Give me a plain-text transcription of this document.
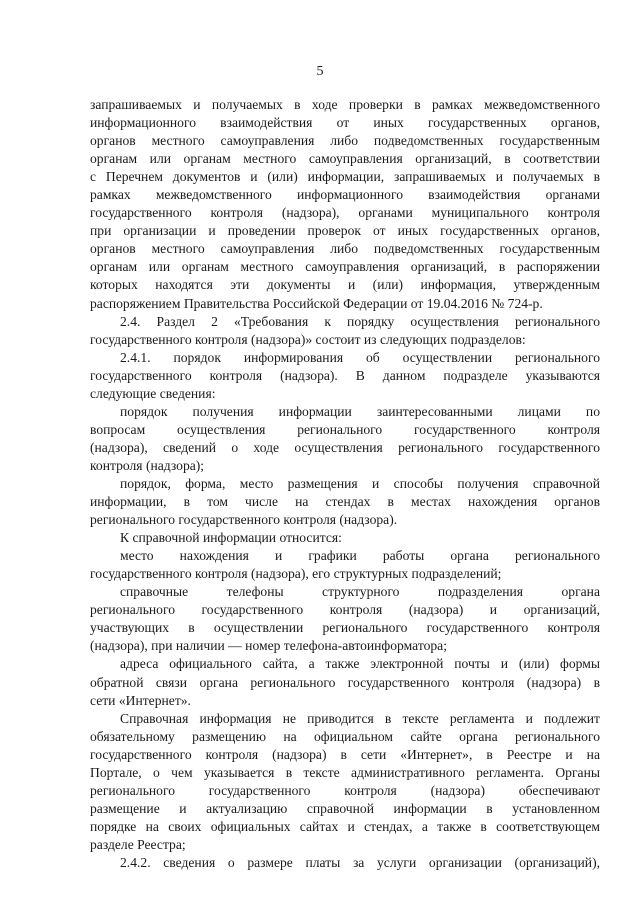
5
запрашиваемых и получаемых в ходе проверки в рамках межведомственного
информационного взаимодействия от иных государственных органов,
органов местного самоуправления либо подведомственных государственным
органам или органам местного самоуправления организаций, в соответствии
с Перечнем документов и (или) информации, запрашиваемых и получаемых в
рамках межведомственного информационного взаимодействия органами
государственного контроля (надзора), органами муниципального контроля
при организации и проведении проверок от иных государственных органов,
органов местного самоуправления либо подведомственных государственным
органам или органам местного самоуправления организаций, в распоряжении
которых находятся эти документы и (или) информация, утвержденным
распоряжением Правительства Российской Федерации от 19.04.2016 № 724-р.
2.4. Раздел 2 «Требования к порядку осуществления регионального
государственного контроля (надзора)» состоит из следующих подразделов:
2.4.1. порядок информирования об осуществлении регионального
государственного контроля (надзора). В данном подразделе указываются
следующие сведения:
порядок получения информации заинтересованными лицами по
вопросам осуществления регионального государственного контроля
(надзора), сведений о ходе осуществления регионального государственного
контроля (надзора);
порядок, форма, место размещения и способы получения справочной
информации, в том числе на стендах в местах нахождения органов
регионального государственного контроля (надзора).
К справочной информации относится:
место нахождения и графики работы органа регионального
государственного контроля (надзора), его структурных подразделений;
справочные телефоны структурного подразделения органа
регионального государственного контроля (надзора) и организаций,
участвующих в осуществлении регионального государственного контроля
(надзора), при наличии — номер телефона-автоинформатора;
адреса официального сайта, а также электронной почты и (или) формы
обратной связи органа регионального государственного контроля (надзора) в
сети «Интернет».
Справочная информация не приводится в тексте регламента и подлежит
обязательному размещению на официальном сайте органа регионального
государственного контроля (надзора) в сети «Интернет», в Реестре и на
Портале, о чем указывается в тексте административного регламента. Органы
регионального государственного контроля (надзора) обеспечивают
размещение и актуализацию справочной информации в установленном
порядке на своих официальных сайтах и стендах, а также в соответствующем
разделе Реестра;
2.4.2. сведения о размере платы за услуги организации (организаций),
